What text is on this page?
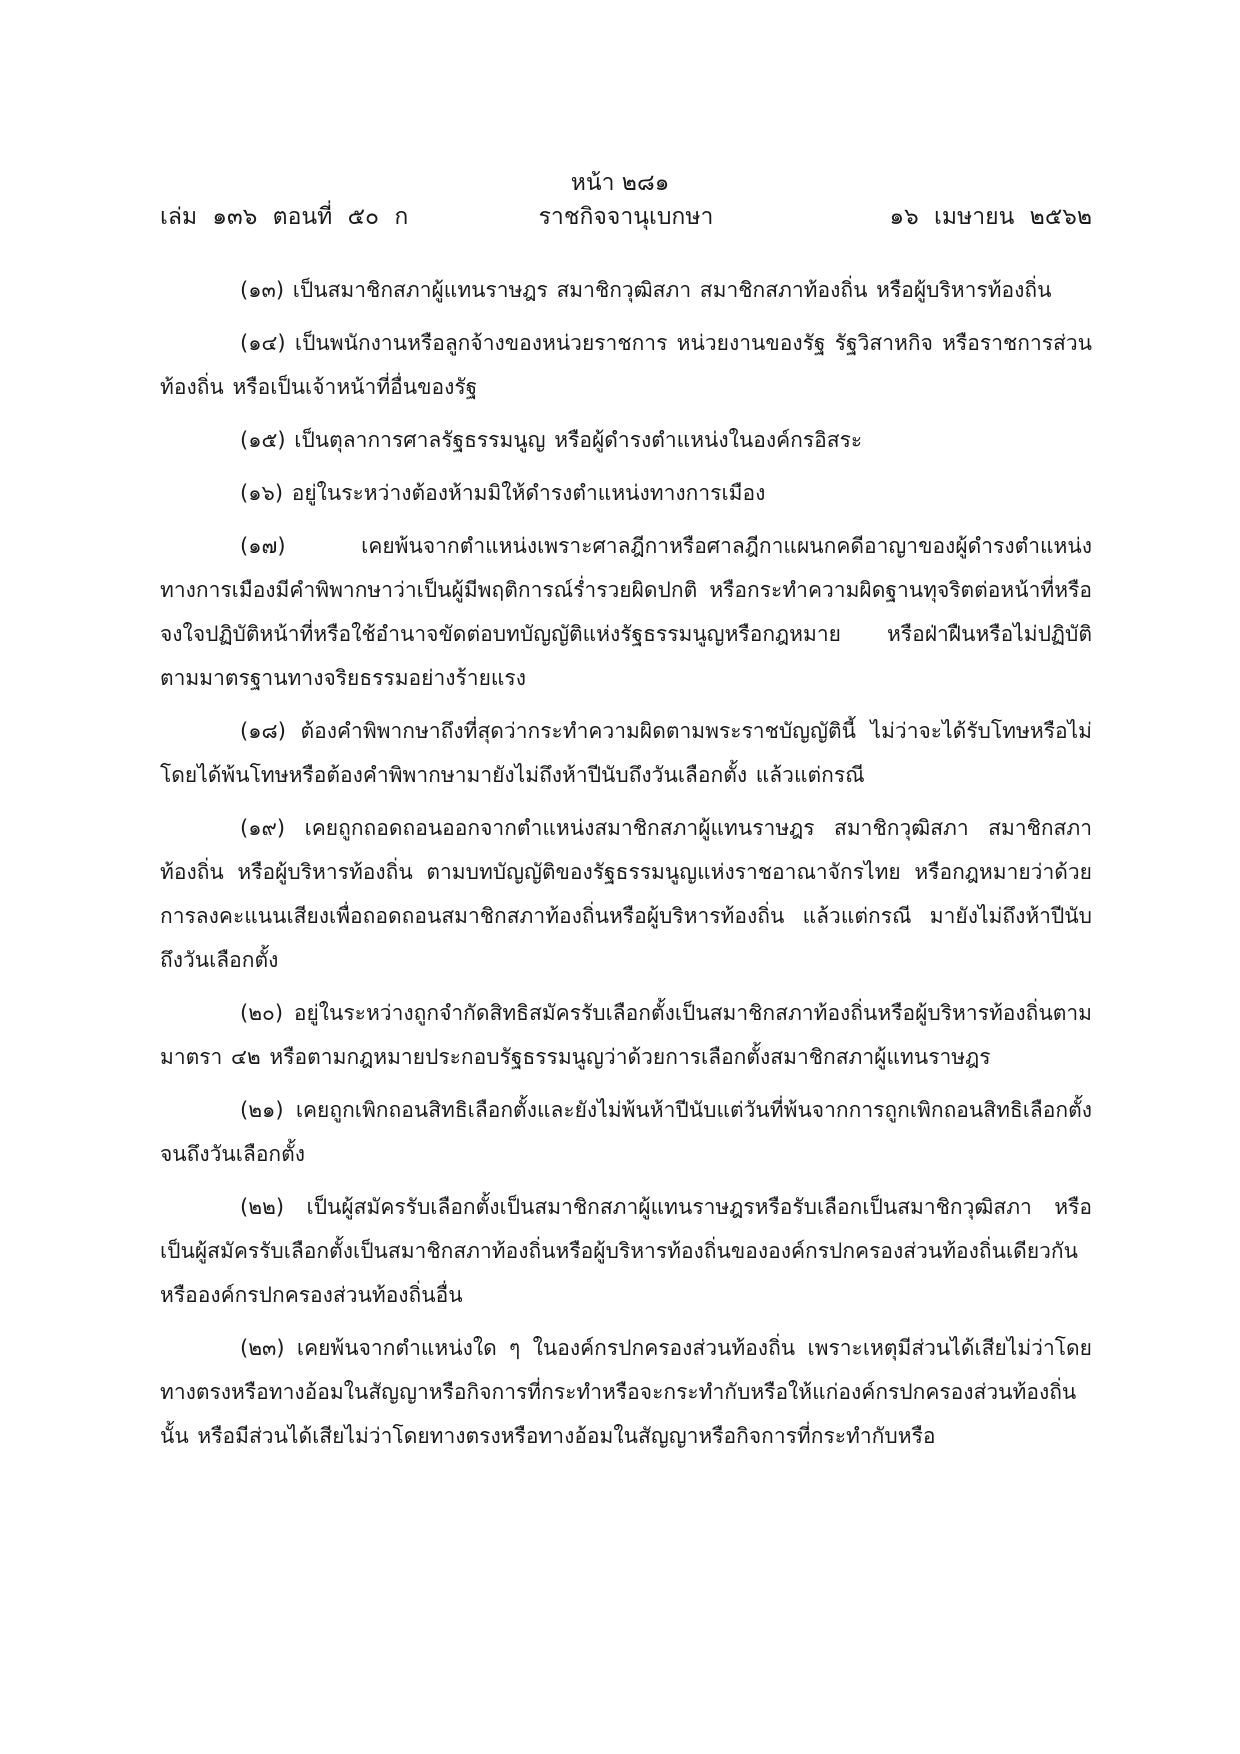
หน้า ๒๘๑
ราชกิจจานุเบกษา
เล่ม ๑๓๖ ตอนที่ ๕๐ ก	๑๖ เมษายน ๒๕๖๒

(๑๓) เป็นสมาชิกสภาผู้แทนราษฎร สมาชิกวุฒิสภา สมาชิกสภาท้องถิ่น หรือผู้บริหารท้องถิ่น

(๑๔) เป็นพนักงานหรือลูกจ้างของหน่วยราชการ หน่วยงานของรัฐ รัฐวิสาหกิจ หรือราชการส่วนท้องถิ่น หรือเป็นเจ้าหน้าที่อื่นของรัฐ

(๑๕) เป็นตุลาการศาลรัฐธรรมนูญ หรือผู้ดำรงตำแหน่งในองค์กรอิสระ

(๑๖) อยู่ในระหว่างต้องห้ามมิให้ดำรงตำแหน่งทางการเมือง

(๑๗) เคยพ้นจากตำแหน่งเพราะศาลฎีกาหรือศาลฎีกาแผนกคดีอาญาของผู้ดำรงตำแหน่งทางการเมืองมีคำพิพากษาว่าเป็นผู้มีพฤติการณ์ร่ำรวยผิดปกติ หรือกระทำความผิดฐานทุจริตต่อหน้าที่หรือจงใจปฏิบัติหน้าที่หรือใช้อำนาจขัดต่อบทบัญญัติแห่งรัฐธรรมนูญหรือกฎหมาย หรือฝ่าฝืนหรือไม่ปฏิบัติตามมาตรฐานทางจริยธรรมอย่างร้ายแรง

(๑๘) ต้องคำพิพากษาถึงที่สุดว่ากระทำความผิดตามพระราชบัญญัตินี้ ไม่ว่าจะได้รับโทษหรือไม่โดยได้พ้นโทษหรือต้องคำพิพากษามายังไม่ถึงห้าปีนับถึงวันเลือกตั้ง แล้วแต่กรณี

(๑๙) เคยถูกถอดถอนออกจากตำแหน่งสมาชิกสภาผู้แทนราษฎร สมาชิกวุฒิสภา สมาชิกสภาท้องถิ่น หรือผู้บริหารท้องถิ่น ตามบทบัญญัติของรัฐธรรมนูญแห่งราชอาณาจักรไทย หรือกฎหมายว่าด้วยการลงคะแนนเสียงเพื่อถอดถอนสมาชิกสภาท้องถิ่นหรือผู้บริหารท้องถิ่น แล้วแต่กรณี มายังไม่ถึงห้าปีนับถึงวันเลือกตั้ง

(๒๐) อยู่ในระหว่างถูกจำกัดสิทธิสมัครรับเลือกตั้งเป็นสมาชิกสภาท้องถิ่นหรือผู้บริหารท้องถิ่นตามมาตรา ๔๒ หรือตามกฎหมายประกอบรัฐธรรมนูญว่าด้วยการเลือกตั้งสมาชิกสภาผู้แทนราษฎร

(๒๑) เคยถูกเพิกถอนสิทธิเลือกตั้งและยังไม่พ้นห้าปีนับแต่วันที่พ้นจากการถูกเพิกถอนสิทธิเลือกตั้งจนถึงวันเลือกตั้ง

(๒๒) เป็นผู้สมัครรับเลือกตั้งเป็นสมาชิกสภาผู้แทนราษฎรหรือรับเลือกเป็นสมาชิกวุฒิสภา หรือเป็นผู้สมัครรับเลือกตั้งเป็นสมาชิกสภาท้องถิ่นหรือผู้บริหารท้องถิ่นขององค์กรปกครองส่วนท้องถิ่นเดียวกันหรือองค์กรปกครองส่วนท้องถิ่นอื่น

(๒๓) เคยพ้นจากตำแหน่งใด ๆ ในองค์กรปกครองส่วนท้องถิ่น เพราะเหตุมีส่วนได้เสียไม่ว่าโดยทางตรงหรือทางอ้อมในสัญญาหรือกิจการที่กระทำหรือจะกระทำกับหรือให้แก่องค์กรปกครองส่วนท้องถิ่นนั้น หรือมีส่วนได้เสียไม่ว่าโดยทางตรงหรือทางอ้อมในสัญญาหรือกิจการที่กระทำกับหรือ
